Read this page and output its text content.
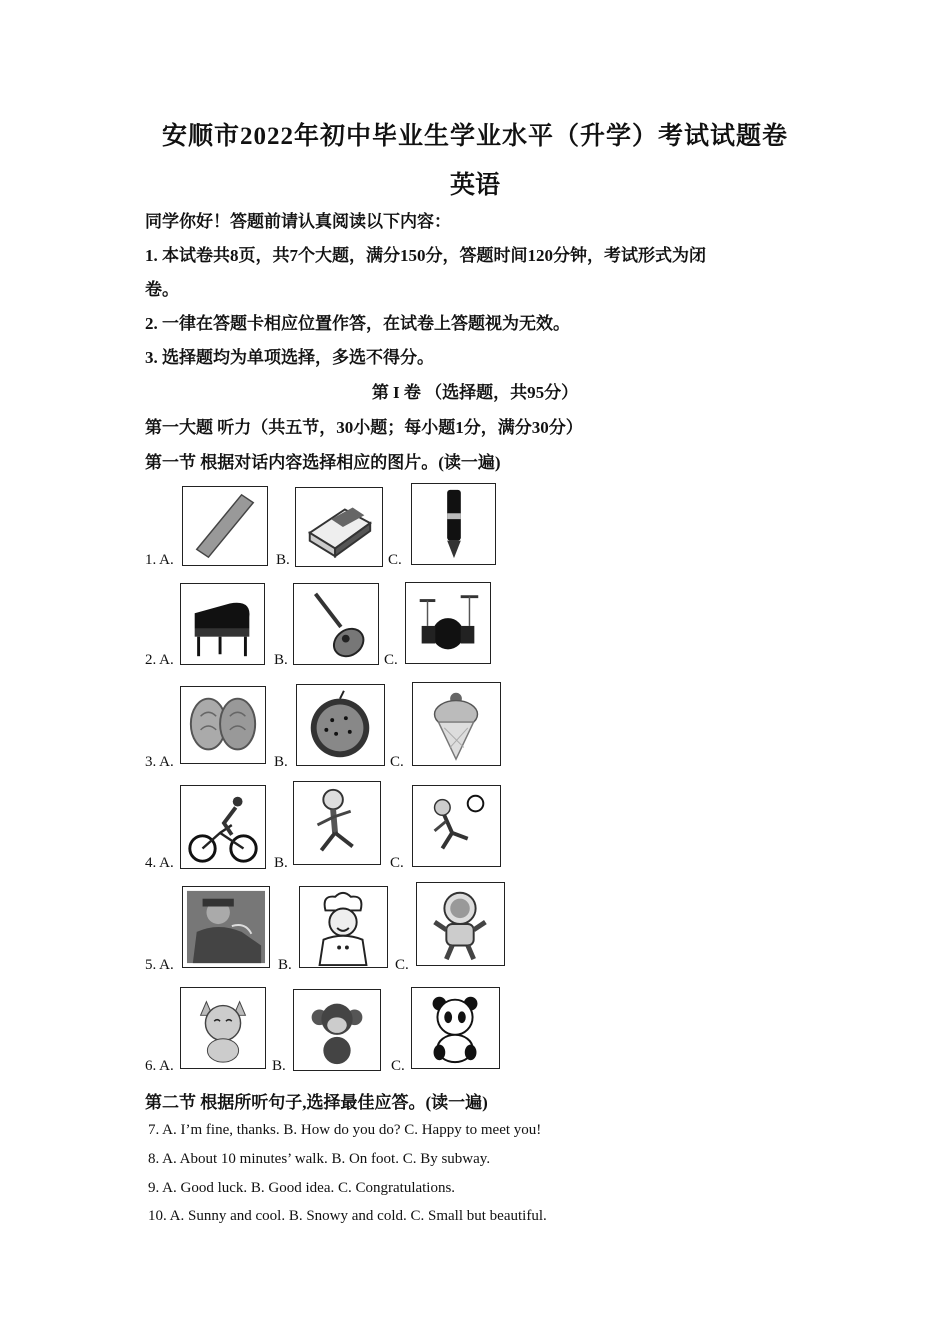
安顺市2022年初中毕业生学业水平（升学）考试试题卷
英语
同学你好！答题前请认真阅读以下内容：
1. 本试卷共8页，共7个大题，满分150分，答题时间120分钟，考试形式为闭
卷。
2. 一律在答题卡相应位置作答，在试卷上答题视为无效。
3. 选择题均为单项选择，多选不得分。
第 I 卷 （选择题，共95分）
第一大题 听力（共五节，30小题；每小题1分，满分30分）
第一节 根据对话内容选择相应的图片。(读一遍)
1. A.	B.	C.
2. A.	B.	C.
3. A.	B.	C.
4. A.	B.	C.
5. A.	B.	C.
6. A.	B.	C.
第二节 根据所听句子,选择最佳应答。(读一遍)
7. A. I’m fine, thanks. B. How do you do? C. Happy to meet you!
8. A. About 10 minutes’ walk. B. On foot. C. By subway.
9. A. Good luck. B. Good idea. C. Congratulations.
10. A. Sunny and cool. B. Snowy and cold. C. Small but beautiful.
